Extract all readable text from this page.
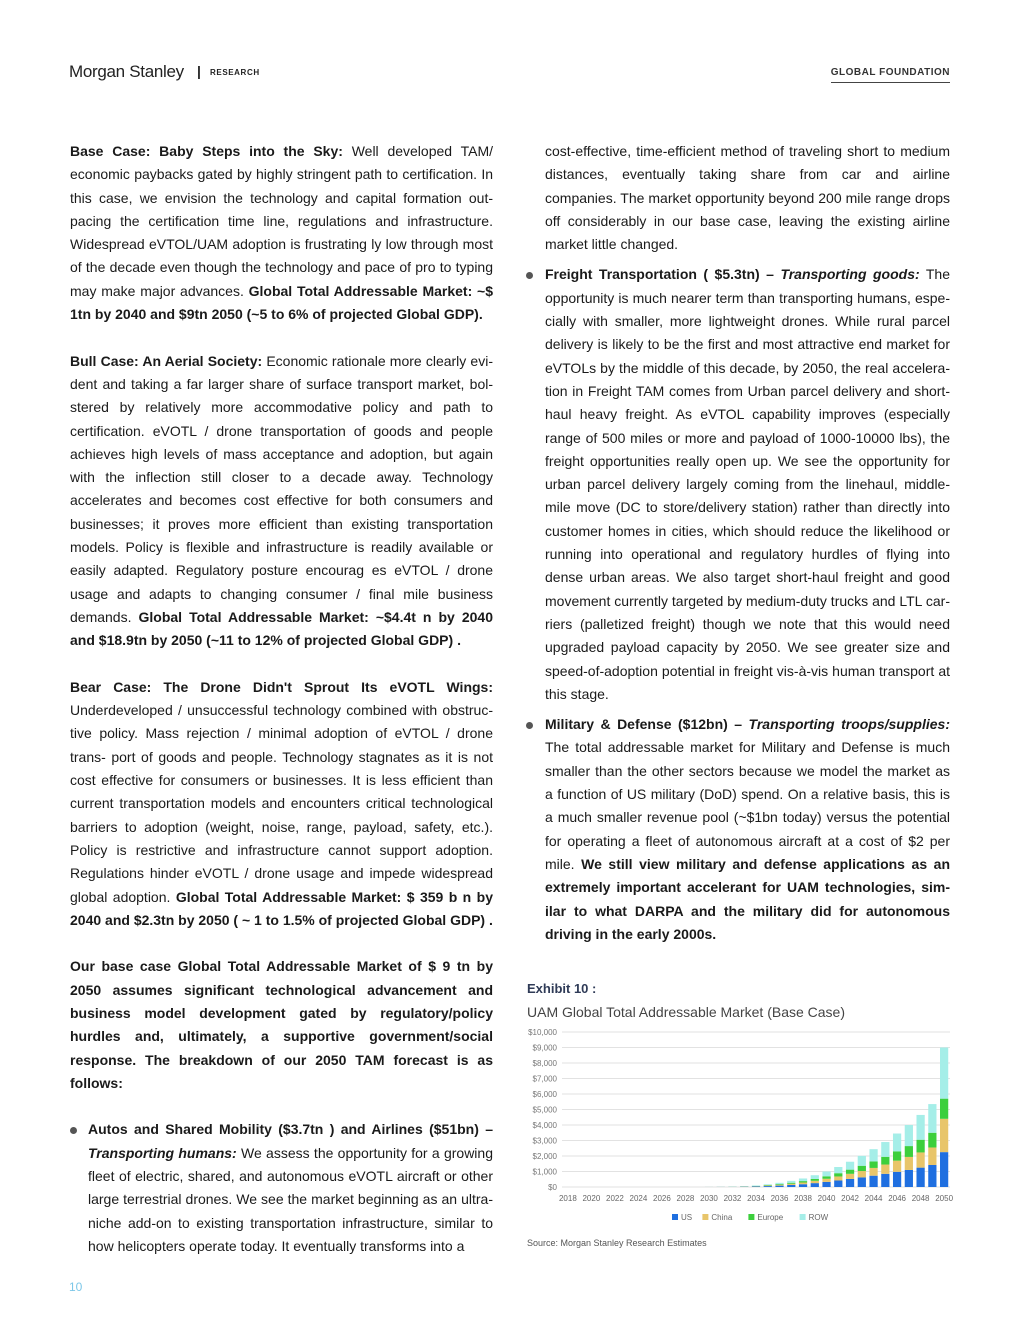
Morgan Stanley | RESEARCH	GLOBAL FOUNDATION

Base Case: Baby Steps into the Sky: Well developed TAM/ economic paybacks gated by highly stringent path to certification. In this case, we envision the technology and capital formation out- pacing the certification time line, regulations and infrastructure. Widespread eVTOL/UAM adoption is frustrating ly low through most of the decade even though the technology and pace of pro to typing may make major advances. Global Total Addressable Market: ~$ 1tn by 2040 and $9tn 2050 (~5 to 6% of projected Global GDP).

Bull Case: An Aerial Society: Economic rationale more clearly evi- dent and taking a far larger share of surface transport market, bol- stered by relatively more accommodative policy and path to certification. eVOTL / drone transportation of goods and people achieves high levels of mass acceptance and adoption, but again with the inflection still closer to a decade away. Technology accelerates and becomes cost effective for both consumers and businesses; it proves more efficient than existing transportation models. Policy is flexible and infrastructure is readily available or easily adapted. Regulatory posture encourag es eVTOL / drone usage and adapts to changing consumer / final mile business demands. Global Total Addressable Market: ~$4.4t n by 2040 and $18.9tn by 2050 (~11 to 12% of projected Global GDP) .

Bear Case: The Drone Didn't Sprout Its eVOTL Wings: Underdeveloped / unsuccessful technology combined with obstruc- tive policy. Mass rejection / minimal adoption of eVTOL / drone trans- port of goods and people. Technology stagnates as it is not cost effective for consumers or businesses. It is less efficient than current transportation models and encounters critical technological barriers to adoption (weight, noise, range, payload, safety, etc.). Policy is restrictive and infrastructure cannot support adoption. Regulations hinder eVOTL / drone usage and impede widespread global adoption. Global Total Addressable Market: $ 359 b n by 2040 and $2.3tn by 2050 ( ~ 1 to 1.5% of projected Global GDP) .

Our base case Global Total Addressable Market of $ 9 tn by 2050 assumes significant technological advancement and business model development gated by regulatory/policy hurdles and, ultimately, a supportive government/social response. The breakdown of our 2050 TAM forecast is as follows:

Autos and Shared Mobility ($3.7tn ) and Airlines ($51bn) – Transporting humans: We assess the opportunity for a growing fleet of electric, shared, and autonomous eVOTL aircraft or other large terrestrial drones. We see the market beginning as an ultra- niche add-on to existing transportation infrastructure, similar to how helicopters operate today. It eventually transforms into a

cost-effective, time-efficient method of traveling short to medium distances, eventually taking share from car and airline companies. The market opportunity beyond 200 mile range drops off considerably in our base case, leaving the existing airline market little changed.

Freight Transportation ( $5.3tn) – Transporting goods: The opportunity is much nearer term than transporting humans, espe- cially with smaller, more lightweight drones. While rural parcel delivery is likely to be the first and most attractive end market for eVTOLs by the middle of this decade, by 2050, the real accelera- tion in Freight TAM comes from Urban parcel delivery and short- haul heavy freight. As eVTOL capability improves (especially range of 500 miles or more and payload of 1000-10000 lbs), the freight opportunities really open up. We see the opportunity for urban parcel delivery largely coming from the linehaul, middle- mile move (DC to store/delivery station) rather than directly into customer homes in cities, which should reduce the likelihood or running into operational and regulatory hurdles of flying into dense urban areas. We also target short-haul freight and good movement currently targeted by medium-duty trucks and LTL car- riers (palletized freight) though we note that this would need upgraded payload capacity by 2050. We see greater size and speed-of-adoption potential in freight vis-à-vis human transport at this stage.
Military & Defense ($12bn) – Transporting troops/supplies: The total addressable market for Military and Defense is much smaller than the other sectors because we model the market as a function of US military (DoD) spend. On a relative basis, this is a much smaller revenue pool (~$1bn today) versus the potential for operating a fleet of autonomous aircraft at a cost of $2 per mile. We still view military and defense applications as an extremely important accelerant for UAM technologies, sim- ilar to what DARPA and the military did for autonomous driving in the early 2000s.
Exhibit 10 :
UAM Global Total Addressable Market (Base Case)
$0
$1,000
$2,000
$3,000
$4,000
$5,000
$6,000
$7,000
$8,000
$9,000
$10,000
2018 2020 2022 2024 2026 2028 2030 2032 2034 2036 2038 2040 2042 2044 2046 2048 2050
US China	Europe	ROW
Source: Morgan Stanley Research Estimates
10
